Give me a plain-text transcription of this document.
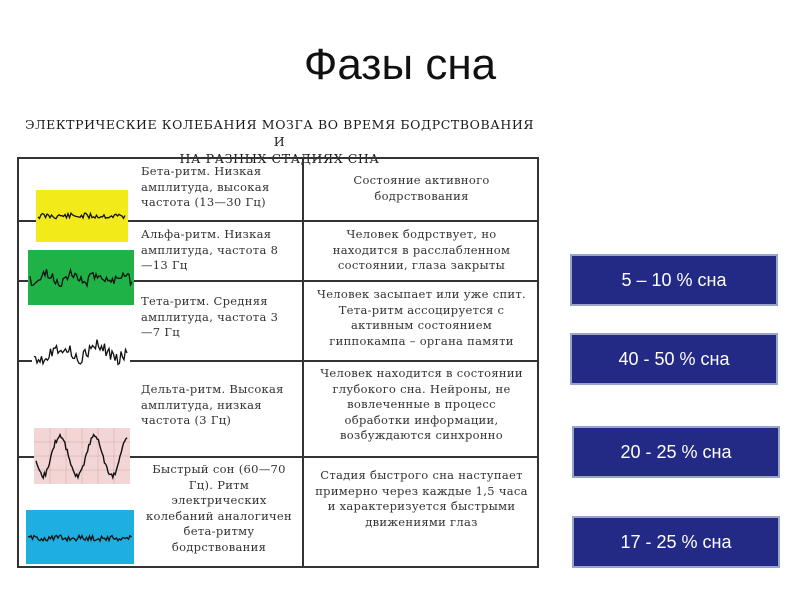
Фазы сна
ЭЛЕКТРИЧЕСКИЕ КОЛЕБАНИЯ МОЗГА ВО ВРЕМЯ БОДРСТВОВАНИЯ И
НА РАЗНЫХ СТАДИЯХ СНА
Бета-ритм. Низкая
амплитуда, высокая
частота (13—30 Гц)
Состояние активного
бодрствования
Альфа-ритм. Низкая
амплитуда, частота 8
—13 Гц
Человек бодрствует, но
находится в расслабленном
состоянии, глаза закрыты
Тета-ритм. Средняя
амплитуда, частота 3
—7 Гц
Человек засыпает или уже спит.
Тета-ритм ассоцируется с
активным состоянием
гиппокампа – органа памяти
Дельта-ритм. Высокая
амплитуда, низкая
частота (3 Гц)
Человек находится в состоянии
глубокого сна. Нейроны, не
вовлеченные в процесс
обработки информации,
возбуждаются синхронно
Быстрый сон (60—70
Гц). Ритм
электрических
колебаний аналогичен
бета-ритму
бодрствования
Стадия быстрого сна наступает
примерно через каждые 1,5 часа
и характеризуется быстрыми
движениями глаз
5 – 10 % сна
40 - 50 % сна
20 - 25 % сна
17 - 25 % сна
